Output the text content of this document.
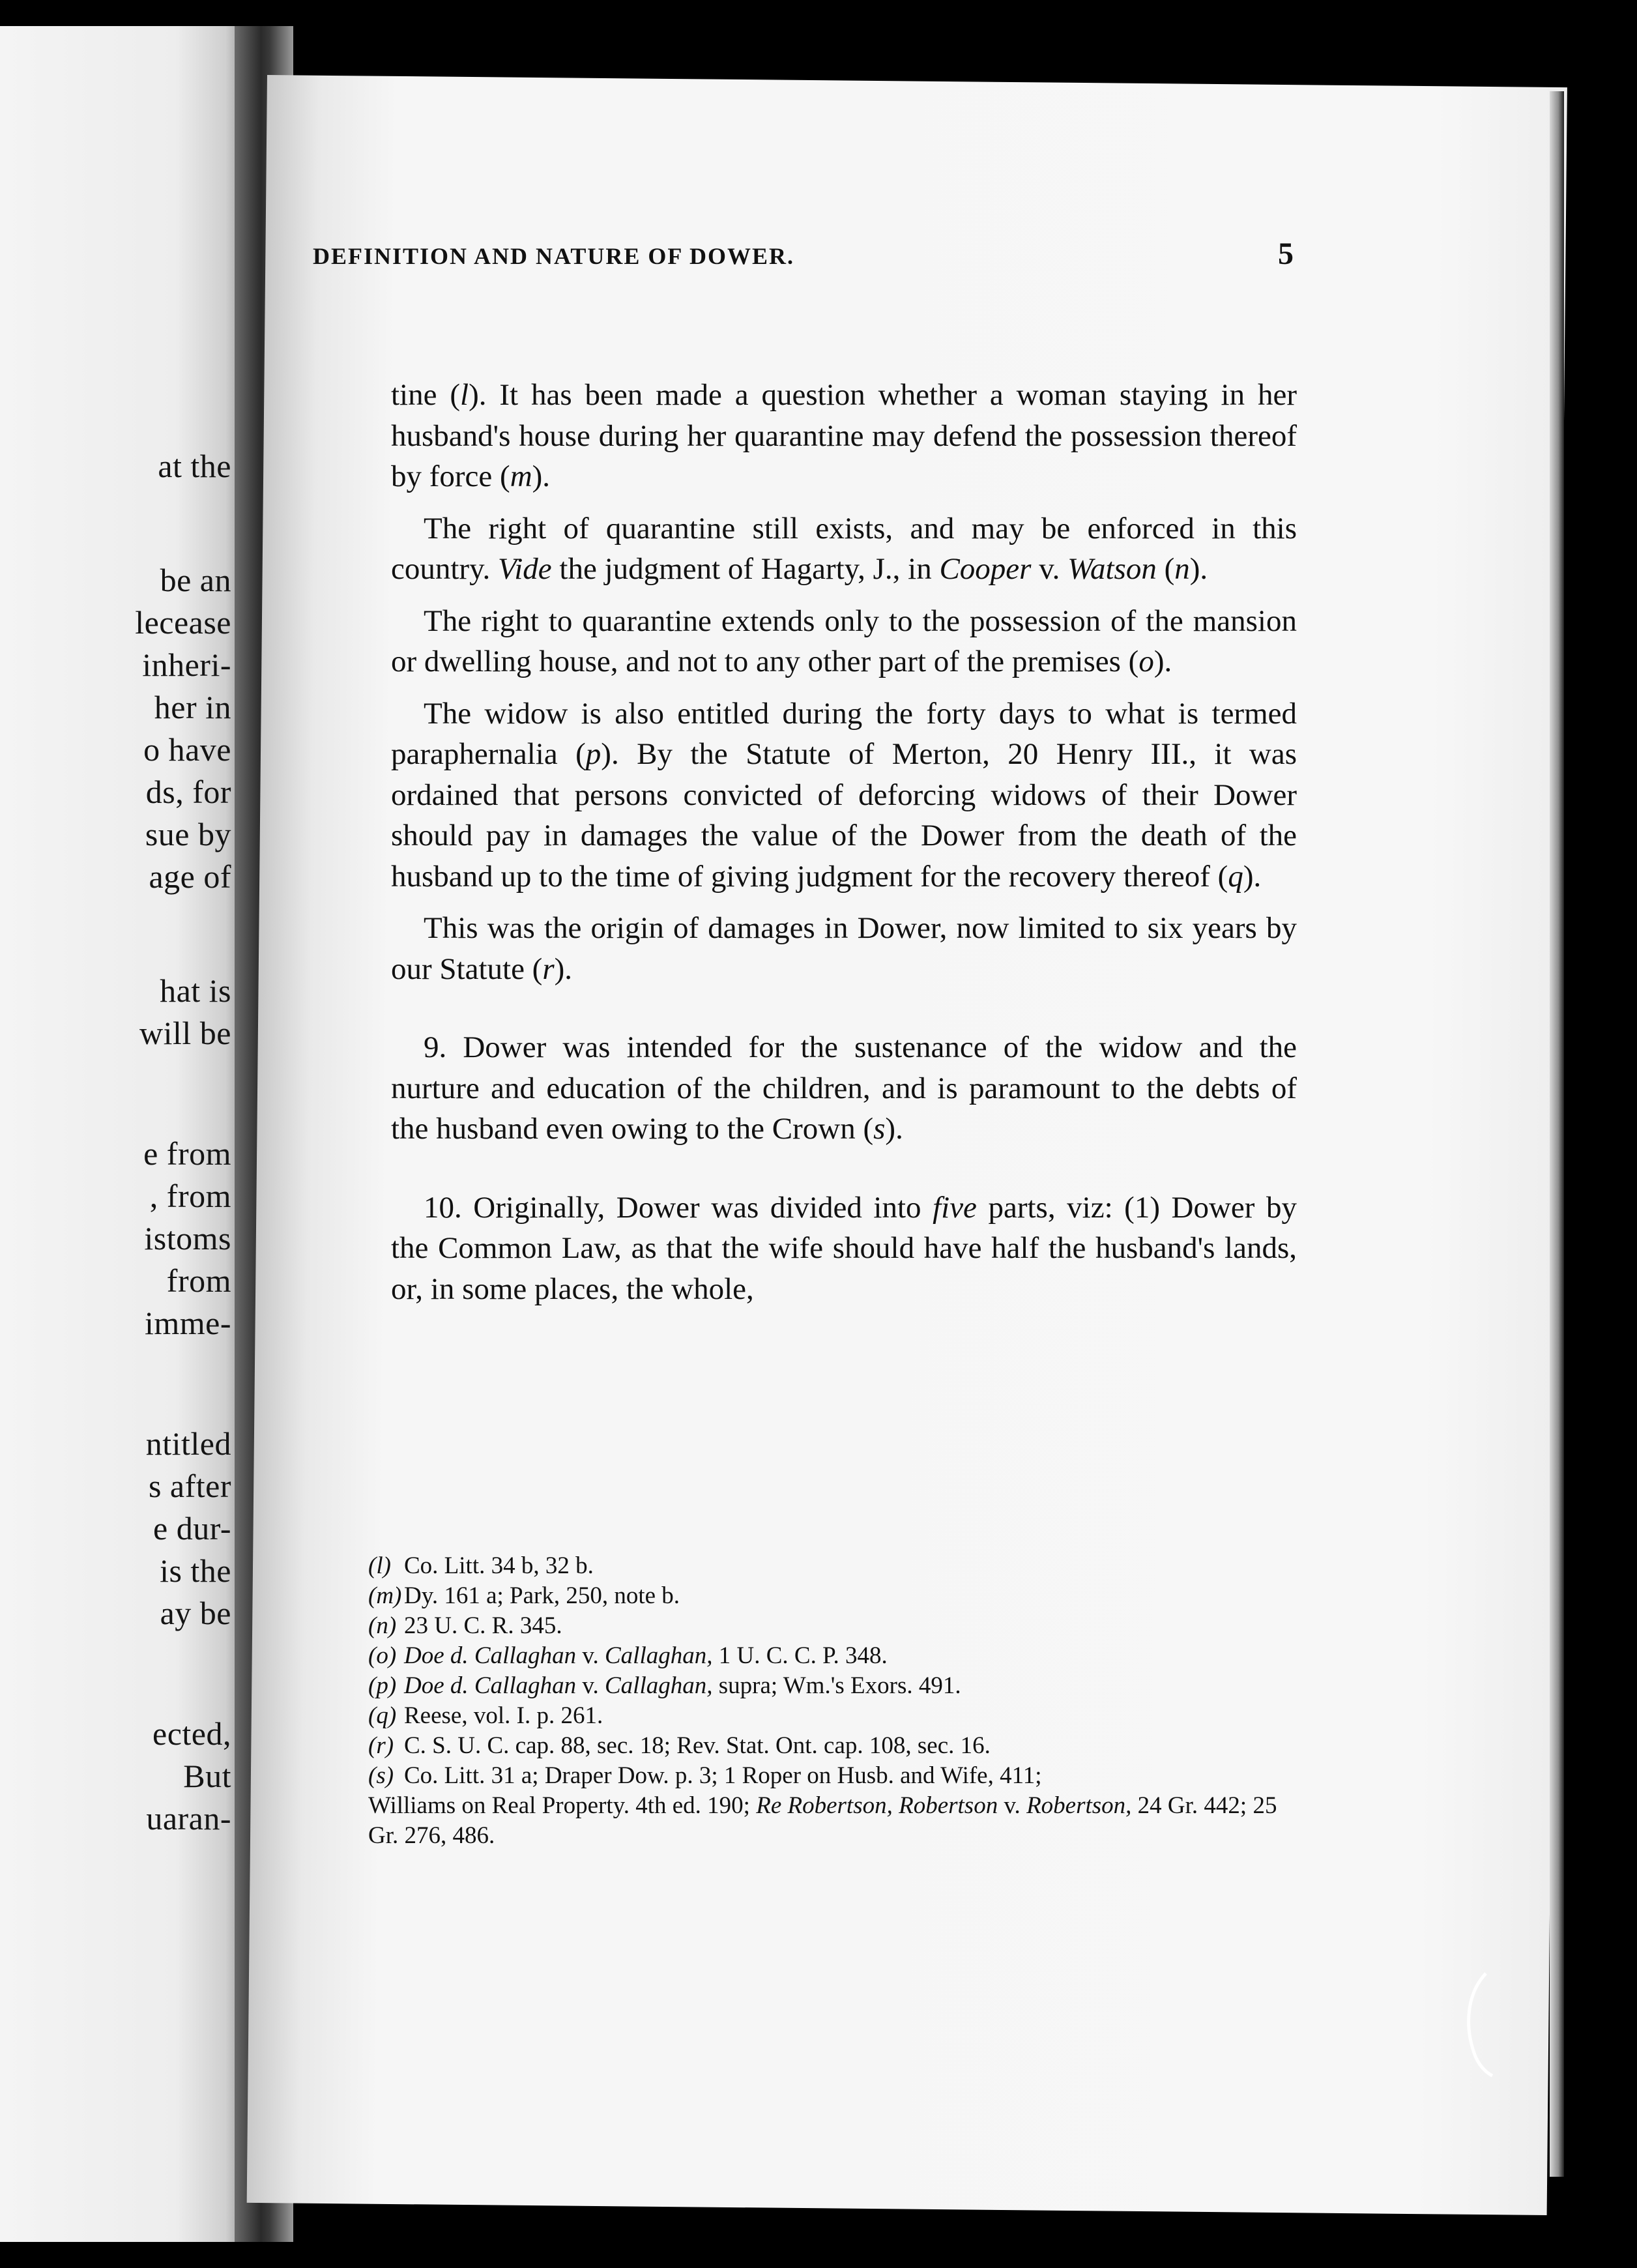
at the
be an
lecease
inheri-
her in
o have
ds, for
sue by
age of
hat is
will be
e from
, from
istoms
from
imme-
ntitled
s after
e dur-
is the
ay be
ected,
But
uaran-
DEFINITION AND NATURE OF DOWER.	5

tine (l). It has been made a question whether a woman staying in her husband's house during her quarantine may defend the possession thereof by force (m).

The right of quarantine still exists, and may be enforced in this country. Vide the judgment of Hagarty, J., in Cooper v. Watson (n).

The right to quarantine extends only to the possession of the mansion or dwelling house, and not to any other part of the premises (o).

The widow is also entitled during the forty days to what is termed paraphernalia (p). By the Statute of Merton, 20 Henry III., it was ordained that persons convicted of deforcing widows of their Dower should pay in damages the value of the Dower from the death of the husband up to the time of giving judgment for the recovery thereof (q).

This was the origin of damages in Dower, now limited to six years by our Statute (r).

9. Dower was intended for the sustenance of the widow and the nurture and education of the children, and is paramount to the debts of the husband even owing to the Crown (s).

10. Originally, Dower was divided into five parts, viz: (1) Dower by the Common Law, as that the wife should have half the husband's lands, or, in some places, the whole,

(l) Co. Litt. 34 b, 32 b.
(m) Dy. 161 a; Park, 250, note b.
(n) 23 U. C. R. 345.
(o) Doe d. Callaghan v. Callaghan, 1 U. C. C. P. 348.
(p) Doe d. Callaghan v. Callaghan, supra; Wm.'s Exors. 491.
(q) Reese, vol. I. p. 261.
(r) C. S. U. C. cap. 88, sec. 18; Rev. Stat. Ont. cap. 108, sec. 16.
(s) Co. Litt. 31 a; Draper Dow. p. 3; 1 Roper on Husb. and Wife, 411;
Williams on Real Property. 4th ed. 190; Re Robertson, Robertson v. Robertson, 24 Gr. 442; 25 Gr. 276, 486.
